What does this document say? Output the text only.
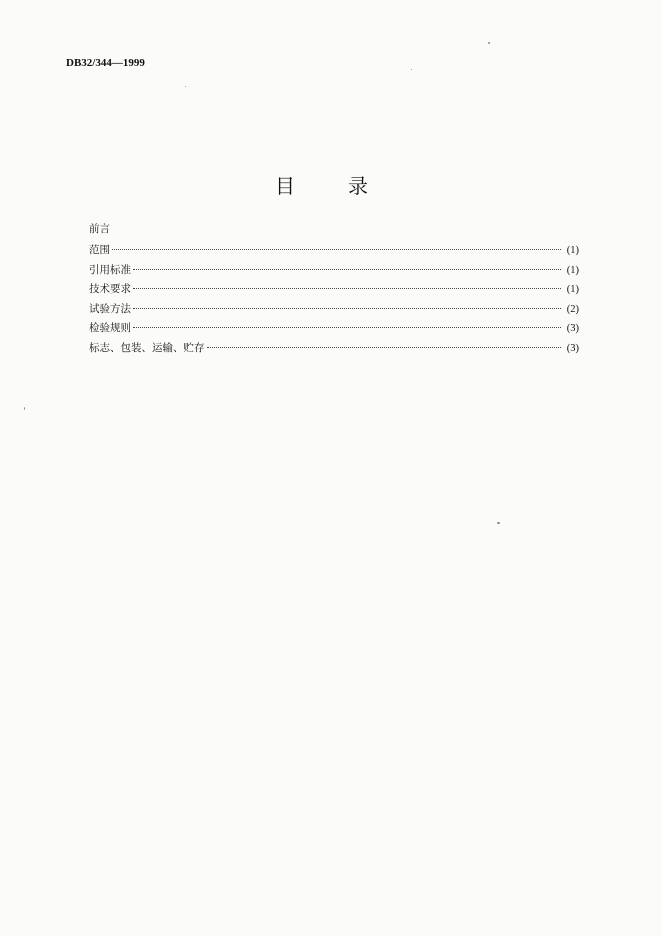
DB32/344—1999
目	录
前言
范围	(1)
引用标准	(1)
技术要求	(1)
试验方法	(2)
检验规则	(3)
标志、包装、运输、贮存	(3)
